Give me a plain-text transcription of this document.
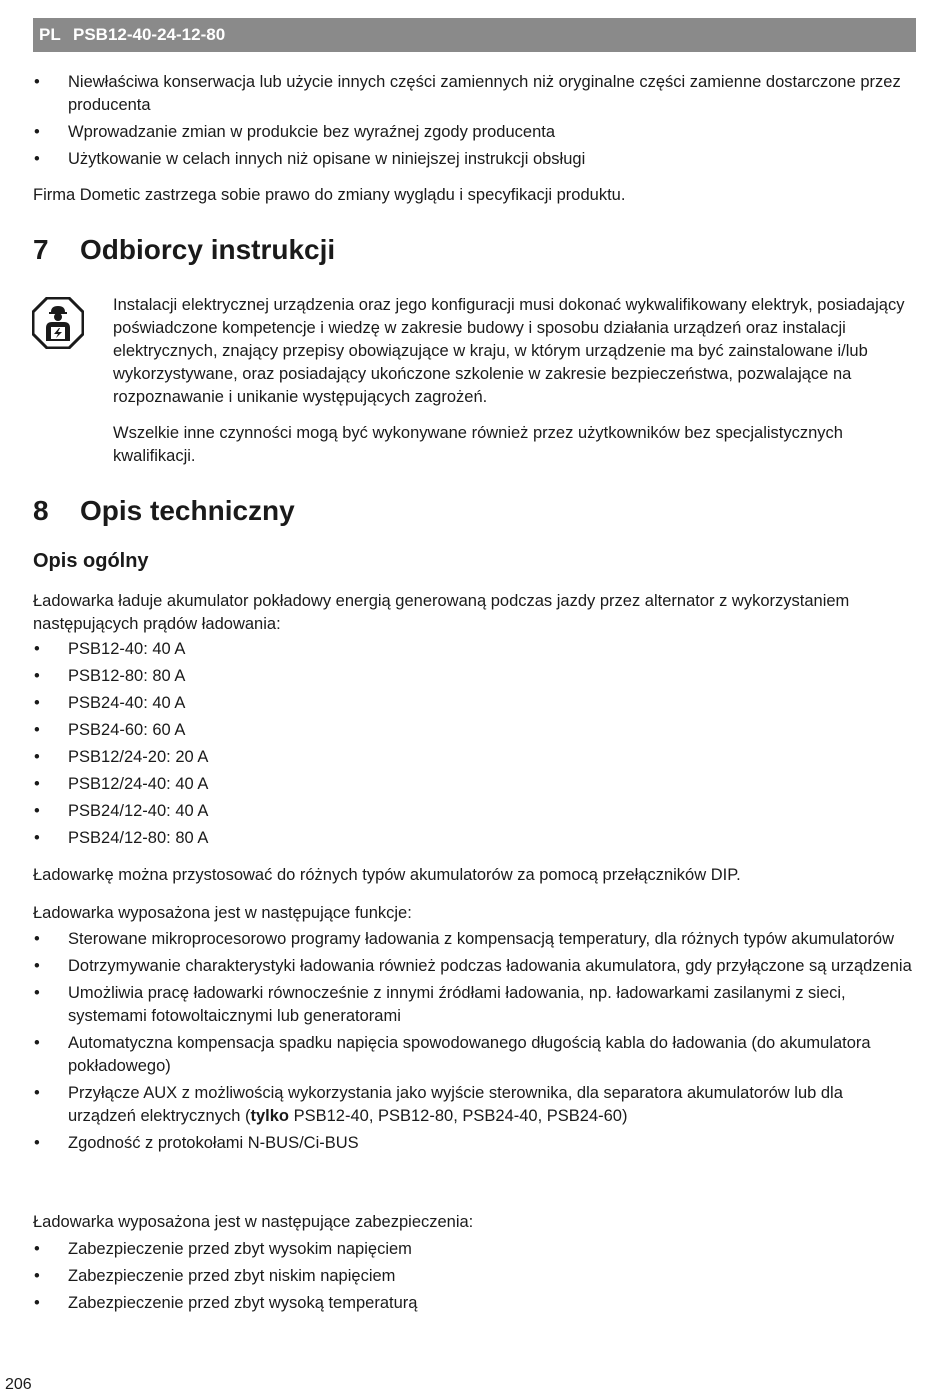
PL PSB12-40-24-12-80
• Niewłaściwa konserwacja lub użycie innych części zamiennych niż oryginalne części zamienne dostarczone przez producenta
• Wprowadzanie zmian w produkcie bez wyraźnej zgody producenta
• Użytkowanie w celach innych niż opisane w niniejszej instrukcji obsługi

Firma Dometic zastrzega sobie prawo do zmiany wyglądu i specyfikacji produktu.

7 Odbiorcy instrukcji

Instalacji elektrycznej urządzenia oraz jego konfiguracji musi dokonać wykwalifikowany elektryk, posiadający poświadczone kompetencje i wiedzę w zakresie budowy i sposobu działania urządzeń oraz instalacji elektrycznych, znający przepisy obowiązujące w kraju, w którym urządzenie ma być zainstalowane i/lub wykorzystywane, oraz posiadający ukończone szkolenie w zakresie bezpieczeństwa, pozwalające na rozpoznawanie i unikanie występujących zagrożeń.

Wszelkie inne czynności mogą być wykonywane również przez użytkowników bez specjalistycznych kwalifikacji.

8 Opis techniczny
Opis ogólny

Ładowarka ładuje akumulator pokładowy energią generowaną podczas jazdy przez alternator z wykorzystaniem następujących prądów ładowania:

• PSB12-40: 40 A
• PSB12-80: 80 A
• PSB24-40: 40 A
• PSB24-60: 60 A
• PSB12/24-20: 20 A
• PSB12/24-40: 40 A
• PSB24/12-40: 40 A
• PSB24/12-80: 80 A

Ładowarkę można przystosować do różnych typów akumulatorów za pomocą przełączników DIP.

Ładowarka wyposażona jest w następujące funkcje:

• Sterowane mikroprocesorowo programy ładowania z kompensacją temperatury, dla różnych typów akumulatorów
• Dotrzymywanie charakterystyki ładowania również podczas ładowania akumulatora, gdy przyłączone są urządzenia
• Umożliwia pracę ładowarki równocześnie z innymi źródłami ładowania, np. ładowarkami zasilanymi z sieci, systemami fotowoltaicznymi lub generatorami
• Automatyczna kompensacja spadku napięcia spowodowanego długością kabla do ładowania (do akumulatora pokładowego)
• Przyłącze AUX z możliwością wykorzystania jako wyjście sterownika, dla separatora akumulatorów lub dla urządzeń elektrycznych (tylko PSB12-40, PSB12-80, PSB24-40, PSB24-60)
• Zgodność z protokołami N-BUS/Ci-BUS

Ładowarka wyposażona jest w następujące zabezpieczenia:

• Zabezpieczenie przed zbyt wysokim napięciem
• Zabezpieczenie przed zbyt niskim napięciem
• Zabezpieczenie przed zbyt wysoką temperaturą
206
